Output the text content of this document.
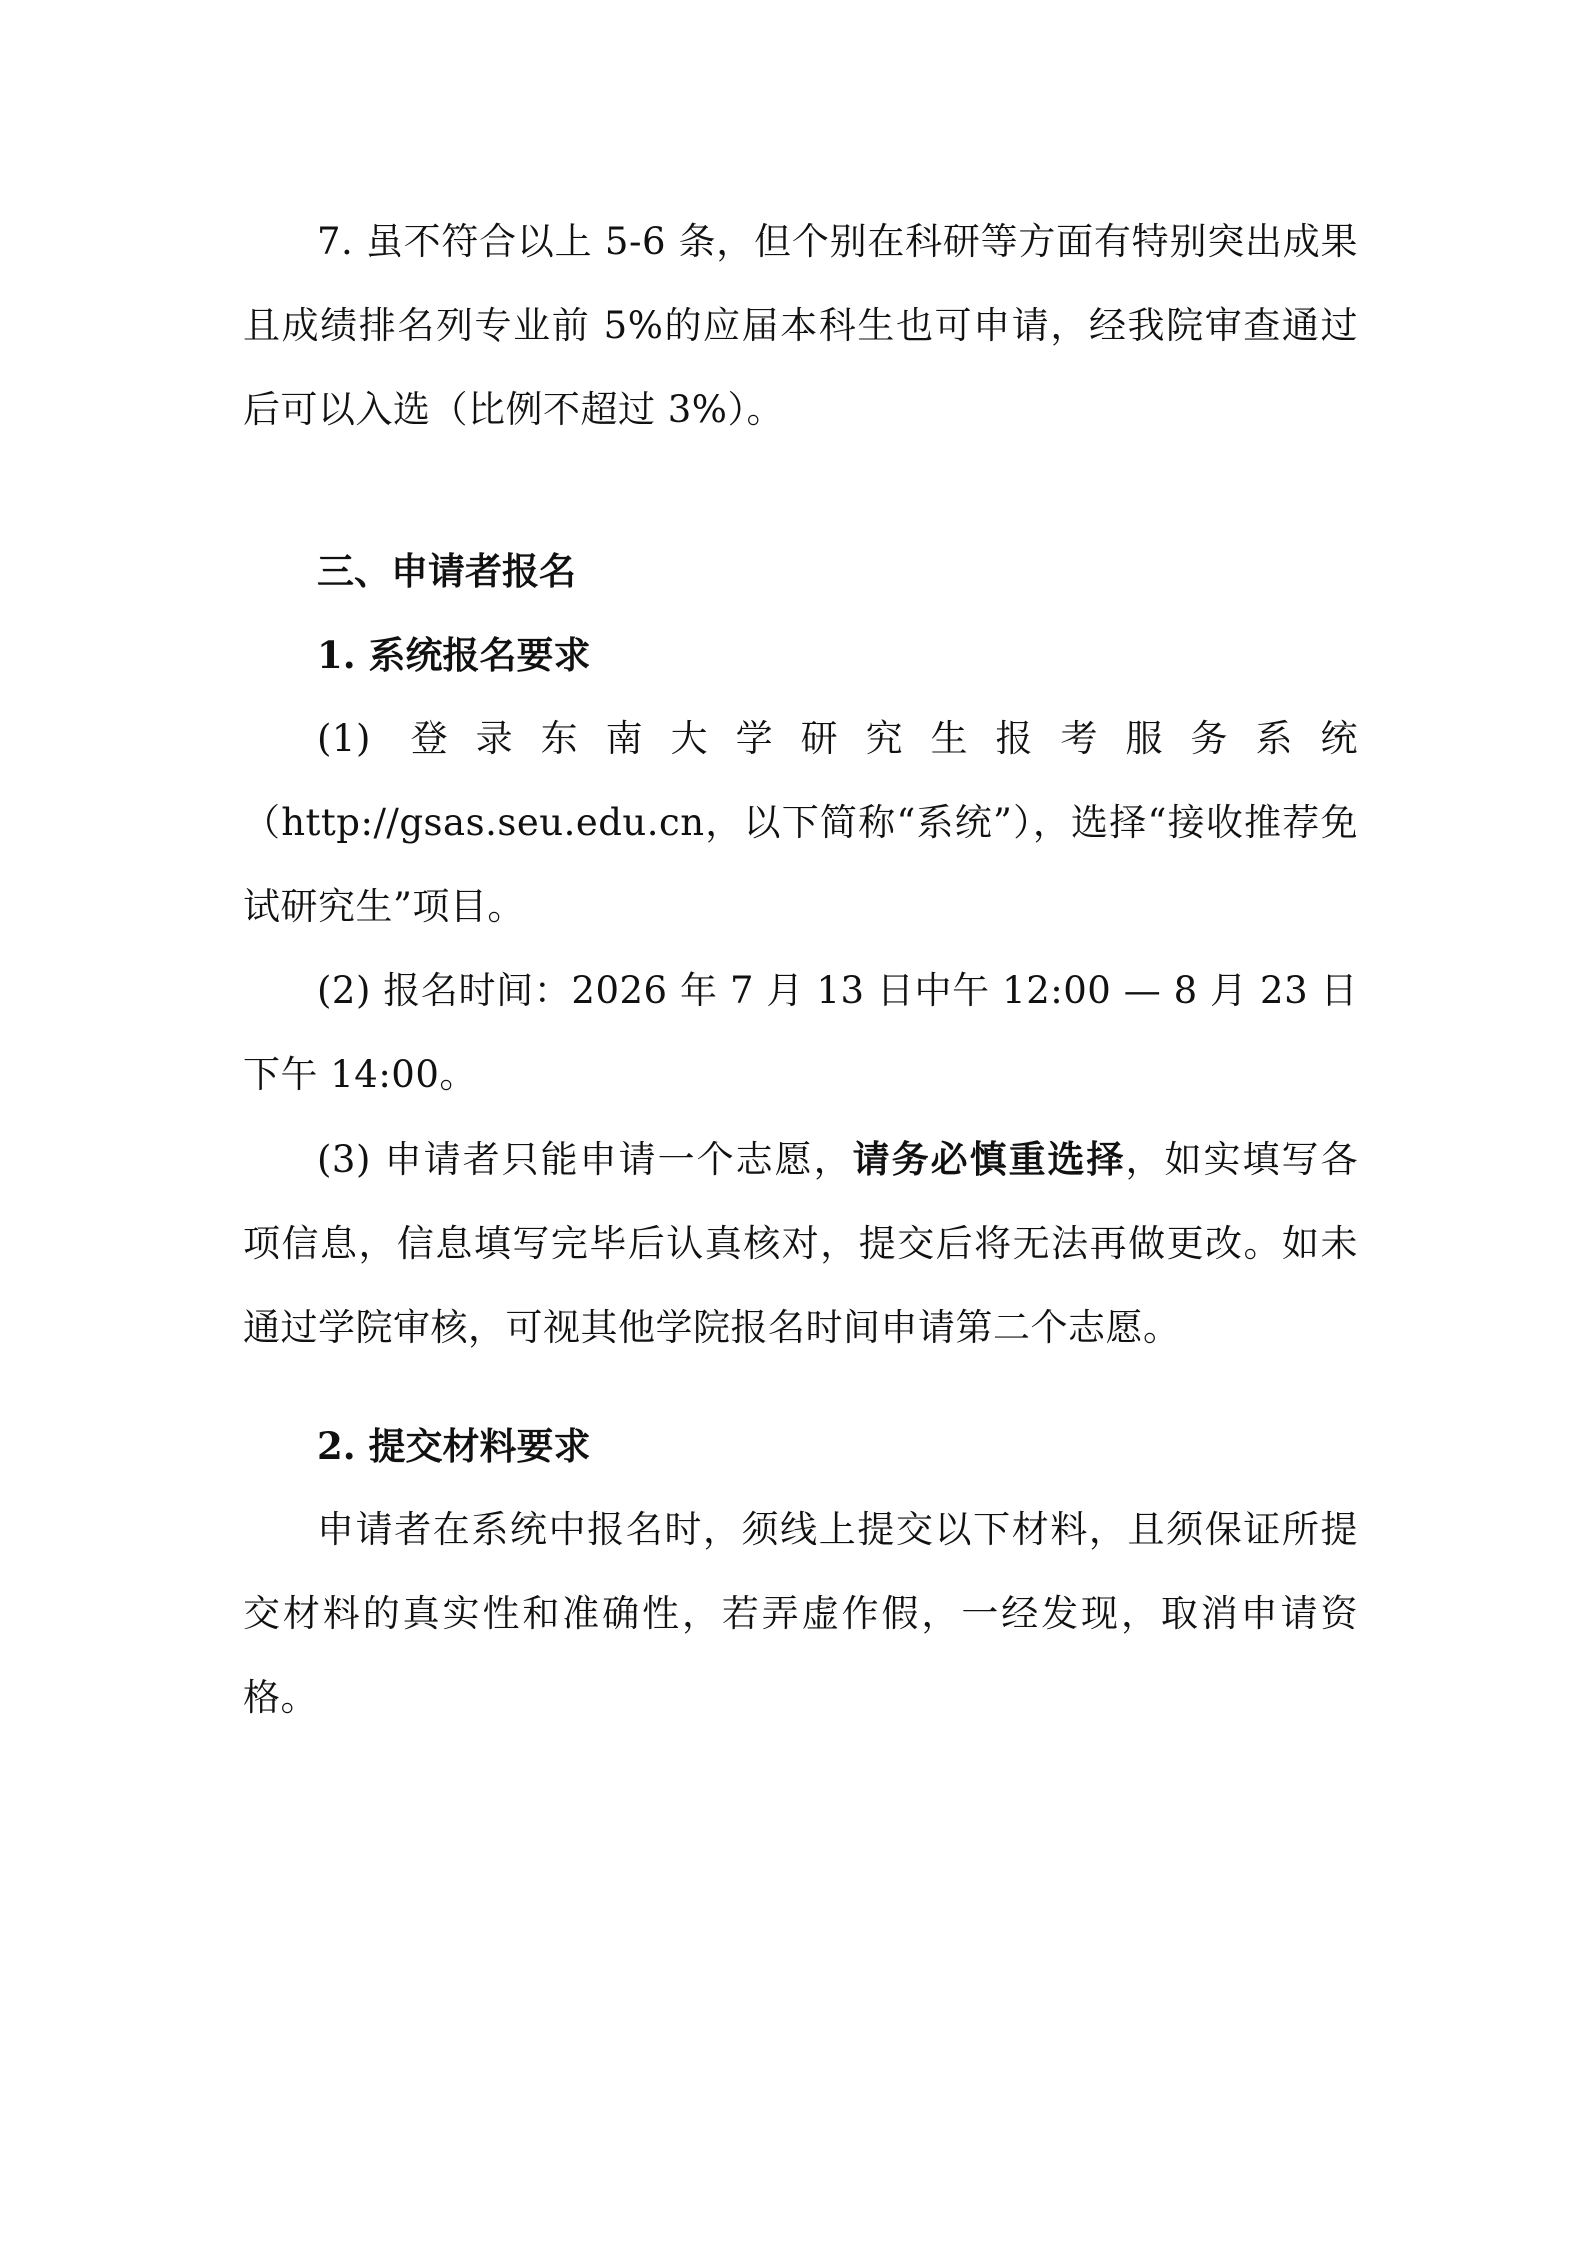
7. 虽不符合以上 5-6 条，但个别在科研等方面有特别突出成果且成绩排名列专业前 5%的应届本科生也可申请，经我院审查通过后可以入选（比例不超过 3%）。

三、申请者报名

1. 系统报名要求

(1) 登录东南大学研究生报考服务系统（http://gsas.seu.edu.cn，以下简称“系统”），选择“接收推荐免试研究生”项目。

(2) 报名时间：2026 年 7 月 13 日中午 12:00 — 8 月 23 日下午 14:00。

(3) 申请者只能申请一个志愿，请务必慎重选择，如实填写各项信息，信息填写完毕后认真核对，提交后将无法再做更改。如未通过学院审核，可视其他学院报名时间申请第二个志愿。

2. 提交材料要求

申请者在系统中报名时，须线上提交以下材料，且须保证所提交材料的真实性和准确性，若弄虚作假，一经发现，取消申请资格。
